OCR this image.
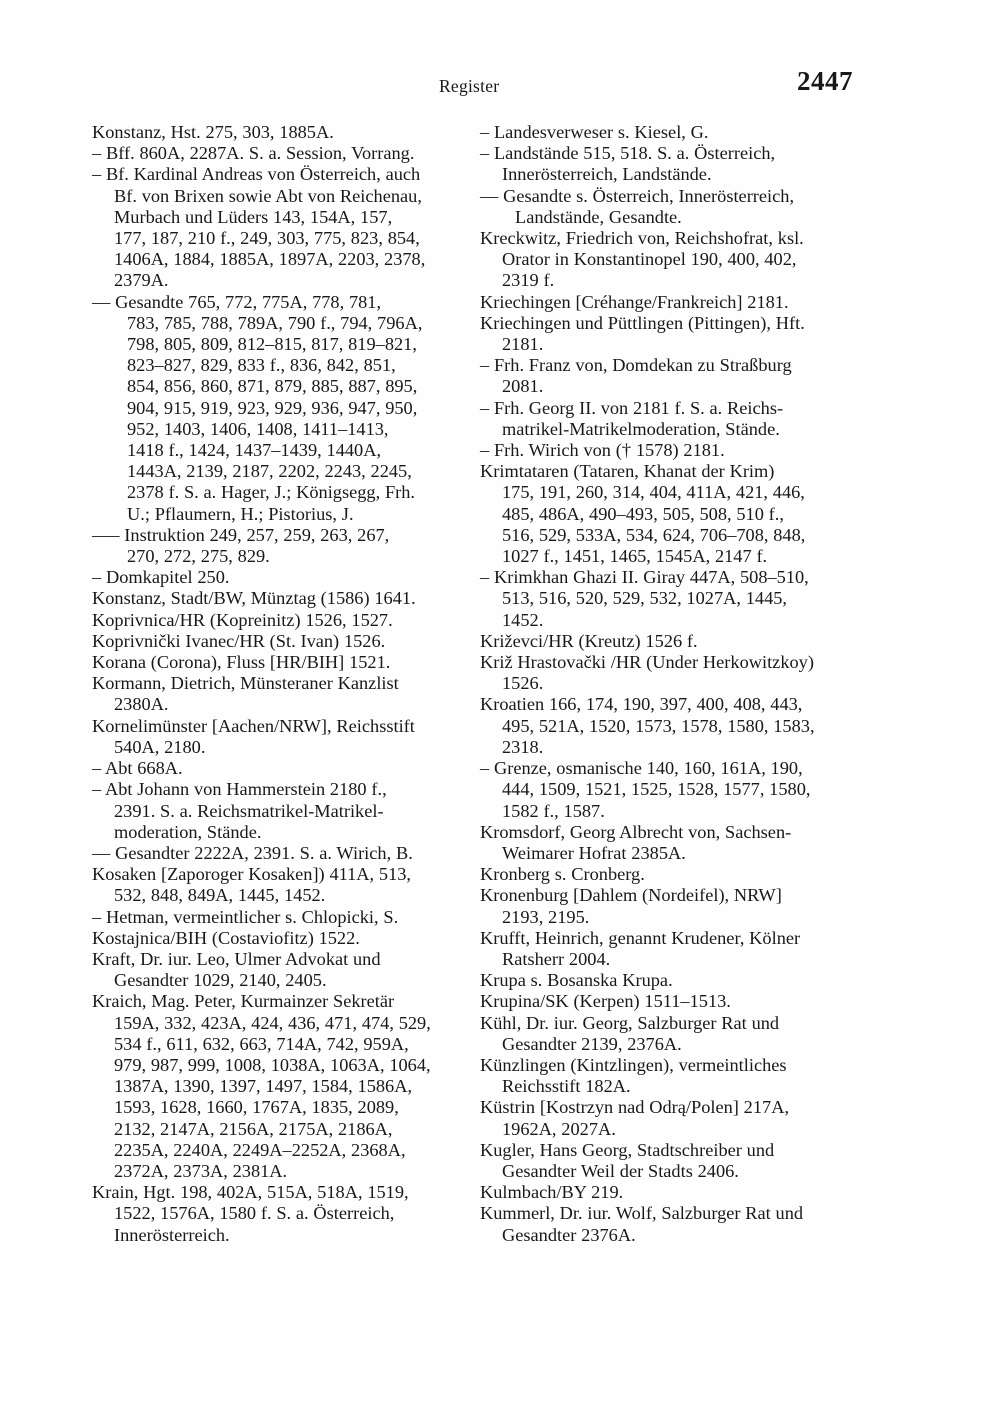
Register	2447

Konstanz, Hst. 275, 303, 1885A.

– Bff. 860A, 2287A. S. a. Session, Vorrang.

– Bf. Kardinal Andreas von Österreich, auch
Bf. von Brixen sowie Abt von Reichenau,
Murbach und Lüders 143, 154A, 157,
177, 187, 210 f., 249, 303, 775, 823, 854,
1406A, 1884, 1885A, 1897A, 2203, 2378,
2379A.

–– Gesandte 765, 772, 775A, 778, 781,
783, 785, 788, 789A, 790 f., 794, 796A,
798, 805, 809, 812–815, 817, 819–821,
823–827, 829, 833 f., 836, 842, 851,
854, 856, 860, 871, 879, 885, 887, 895,
904, 915, 919, 923, 929, 936, 947, 950,
952, 1403, 1406, 1408, 1411–1413,
1418 f., 1424, 1437–1439, 1440A,
1443A, 2139, 2187, 2202, 2243, 2245,
2378 f. S. a. Hager, J.; Königsegg, Frh.
U.; Pflaumern, H.; Pistorius, J.

––– Instruktion 249, 257, 259, 263, 267,
270, 272, 275, 829.

– Domkapitel 250.

Konstanz, Stadt/BW, Münztag (1586) 1641.

Koprivnica/HR (Kopreinitz) 1526, 1527.

Koprivnički Ivanec/HR (St. Ivan) 1526.

Korana (Corona), Fluss [HR/BIH] 1521.

Kormann, Dietrich, Münsteraner Kanzlist
2380A.

Kornelimünster [Aachen/NRW], Reichsstift
540A, 2180.

– Abt 668A.

– Abt Johann von Hammerstein 2180 f.,
2391. S. a. Reichsmatrikel-Matrikel-
moderation, Stände.

–– Gesandter 2222A, 2391. S. a. Wirich, B.

Kosaken [Zaporoger Kosaken]) 411A, 513,
532, 848, 849A, 1445, 1452.

– Hetman, vermeintlicher s. Chlopicki, S.

Kostajnica/BIH (Costaviofitz) 1522.

Kraft, Dr. iur. Leo, Ulmer Advokat und
Gesandter 1029, 2140, 2405.

Kraich, Mag. Peter, Kurmainzer Sekretär
159A, 332, 423A, 424, 436, 471, 474, 529,
534 f., 611, 632, 663, 714A, 742, 959A,
979, 987, 999, 1008, 1038A, 1063A, 1064,
1387A, 1390, 1397, 1497, 1584, 1586A,
1593, 1628, 1660, 1767A, 1835, 2089,
2132, 2147A, 2156A, 2175A, 2186A,
2235A, 2240A, 2249A–2252A, 2368A,
2372A, 2373A, 2381A.

Krain, Hgt. 198, 402A, 515A, 518A, 1519,
1522, 1576A, 1580 f. S. a. Österreich,
Innerösterreich.

– Landesverweser s. Kiesel, G.

– Landstände 515, 518. S. a. Österreich,
Innerösterreich, Landstände.

–– Gesandte s. Österreich, Innerösterreich,
Landstände, Gesandte.

Kreckwitz, Friedrich von, Reichshofrat, ksl.
Orator in Konstantinopel 190, 400, 402,
2319 f.

Kriechingen [Créhange/Frankreich] 2181.

Kriechingen und Püttlingen (Pittingen), Hft.
2181.

– Frh. Franz von, Domdekan zu Straßburg
2081.

– Frh. Georg II. von 2181 f. S. a. Reichs-
matrikel-Matrikelmoderation, Stände.

– Frh. Wirich von († 1578) 2181.

Krimtataren (Tataren, Khanat der Krim)
175, 191, 260, 314, 404, 411A, 421, 446,
485, 486A, 490–493, 505, 508, 510 f.,
516, 529, 533A, 534, 624, 706–708, 848,
1027 f., 1451, 1465, 1545A, 2147 f.

– Krimkhan Ghazi II. Giray 447A, 508–510,
513, 516, 520, 529, 532, 1027A, 1445,
1452.

Križevci/HR (Kreutz) 1526 f.

Križ Hrastovački /HR (Under Herkowitzkoy)
1526.

Kroatien 166, 174, 190, 397, 400, 408, 443,
495, 521A, 1520, 1573, 1578, 1580, 1583,
2318.

– Grenze, osmanische 140, 160, 161A, 190,
444, 1509, 1521, 1525, 1528, 1577, 1580,
1582 f., 1587.

Kromsdorf, Georg Albrecht von, Sachsen-
Weimarer Hofrat 2385A.

Kronberg s. Cronberg.

Kronenburg [Dahlem (Nordeifel), NRW]
2193, 2195.

Krufft, Heinrich, genannt Krudener, Kölner
Ratsherr 2004.

Krupa s. Bosanska Krupa.

Krupina/SK (Kerpen) 1511–1513.

Kühl, Dr. iur. Georg, Salzburger Rat und
Gesandter 2139, 2376A.

Künzlingen (Kintzlingen), vermeintliches
Reichsstift 182A.

Küstrin [Kostrzyn nad Odrą/Polen] 217A,
1962A, 2027A.

Kugler, Hans Georg, Stadtschreiber und
Gesandter Weil der Stadts 2406.

Kulmbach/BY 219.

Kummerl, Dr. iur. Wolf, Salzburger Rat und
Gesandter 2376A.
